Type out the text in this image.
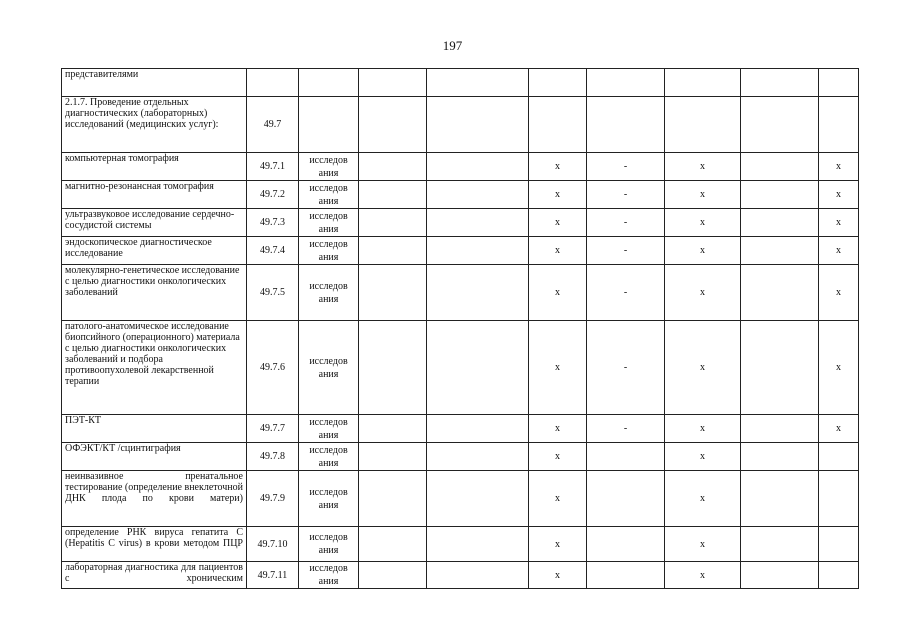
197
представителями									
2.1.7. Проведение отдельных диагностических (лабораторных) исследований (медицинских услуг):	49.7								
компьютерная томография	49.7.1	исследов ания			x	-	x		x
магнитно-резонансная томография	49.7.2	исследов ания			x	-	x		x
ультразвуковое исследование сердечно-сосудистой системы	49.7.3	исследов ания			x	-	x		x
эндоскопическое диагностическое исследование	49.7.4	исследов ания			x	-	x		x
молекулярно-генетическое исследование с целью диагностики онкологических заболеваний	49.7.5	исследов ания			x	-	x		x
патолого-анатомическое исследование биопсийного (операционного) материала с целью диагностики онкологических заболеваний и подбора противоопухолевой лекарственной терапии	49.7.6	исследов ания			x	-	x		x
ПЭТ-КТ	49.7.7	исследов ания			x	-	x		x
ОФЭКТ/КТ /сцинтиграфия	49.7.8	исследов ания			x		x		
неинвазивное пренатальное тестирование (определение внеклеточной ДНК плода по крови матери)	49.7.9	исследов ания			x		x		
определение РНК вируса гепатита C (Hepatitis C virus) в крови методом ПЦР	49.7.10	исследов ания			x		x		
лабораторная диагностика для пациентов с хроническим	49.7.11	исследов ания			x		x		
